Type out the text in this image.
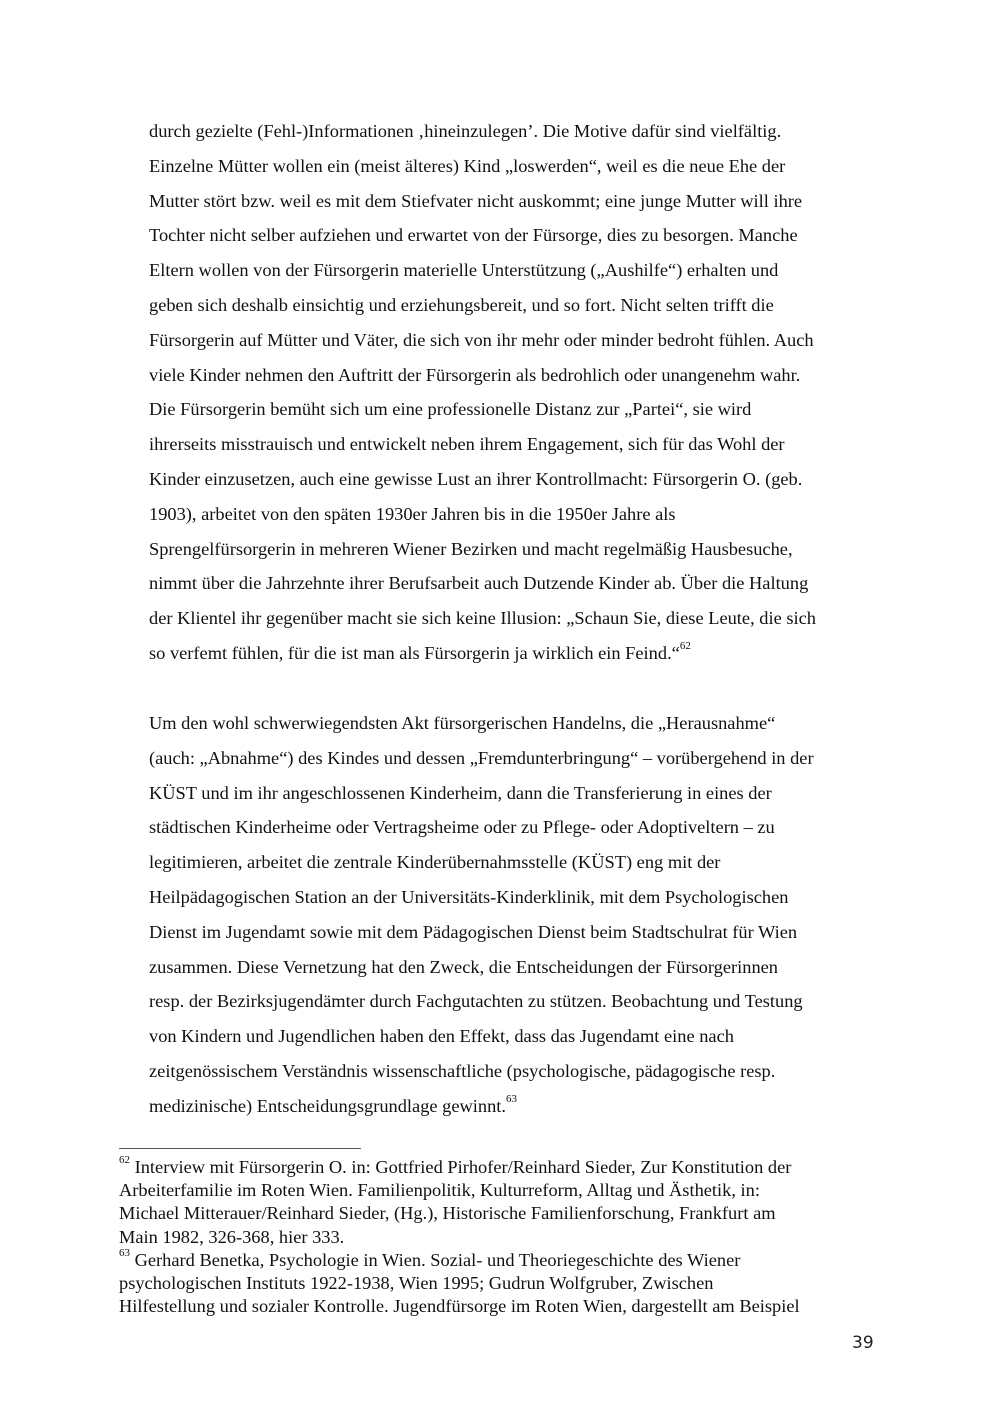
durch gezielte (Fehl-)Informationen ‚hineinzulegen’. Die Motive dafür sind vielfältig.
Einzelne Mütter wollen ein (meist älteres) Kind „loswerden“, weil es die neue Ehe der
Mutter stört bzw. weil es mit dem Stiefvater nicht auskommt; eine junge Mutter will ihre
Tochter nicht selber aufziehen und erwartet von der Fürsorge, dies zu besorgen. Manche
Eltern wollen von der Fürsorgerin materielle Unterstützung („Aushilfe“) erhalten und
geben sich deshalb einsichtig und erziehungsbereit, und so fort. Nicht selten trifft die
Fürsorgerin auf Mütter und Väter, die sich von ihr mehr oder minder bedroht fühlen. Auch
viele Kinder nehmen den Auftritt der Fürsorgerin als bedrohlich oder unangenehm wahr.
Die Fürsorgerin bemüht sich um eine professionelle Distanz zur „Partei“, sie wird
ihrerseits misstrauisch und entwickelt neben ihrem Engagement, sich für das Wohl der
Kinder einzusetzen, auch eine gewisse Lust an ihrer Kontrollmacht: Fürsorgerin O. (geb.
1903), arbeitet von den späten 1930er Jahren bis in die 1950er Jahre als
Sprengelfürsorgerin in mehreren Wiener Bezirken und macht regelmäßig Hausbesuche,
nimmt über die Jahrzehnte ihrer Berufsarbeit auch Dutzende Kinder ab. Über die Haltung
der Klientel ihr gegenüber macht sie sich keine Illusion: „Schaun Sie, diese Leute, die sich
so verfemt fühlen, für die ist man als Fürsorgerin ja wirklich ein Feind.“$^{62}$

Um den wohl schwerwiegendsten Akt fürsorgerischen Handelns, die „Herausnahme“
(auch: „Abnahme“) des Kindes und dessen „Fremdunterbringung“ – vorübergehend in der
KÜST und im ihr angeschlossenen Kinderheim, dann die Transferierung in eines der
städtischen Kinderheime oder Vertragsheime oder zu Pflege- oder Adoptiveltern – zu
legitimieren, arbeitet die zentrale Kinderübernahmsstelle (KÜST) eng mit der
Heilpädagogischen Station an der Universitäts-Kinderklinik, mit dem Psychologischen
Dienst im Jugendamt sowie mit dem Pädagogischen Dienst beim Stadtschulrat für Wien
zusammen. Diese Vernetzung hat den Zweck, die Entscheidungen der Fürsorgerinnen
resp. der Bezirksjugendämter durch Fachgutachten zu stützen. Beobachtung und Testung
von Kindern und Jugendlichen haben den Effekt, dass das Jugendamt eine nach
zeitgenössischem Verständnis wissenschaftliche (psychologische, pädagogische resp.
medizinische) Entscheidungsgrundlage gewinnt.$^{63}$

$^{62}$ Interview mit Fürsorgerin O. in: Gottfried Pirhofer/Reinhard Sieder, Zur Konstitution der
Arbeiterfamilie im Roten Wien. Familienpolitik, Kulturreform, Alltag und Ästhetik, in:
Michael Mitterauer/Reinhard Sieder, (Hg.), Historische Familienforschung, Frankfurt am
Main 1982, 326-368, hier 333.
$^{63}$ Gerhard Benetka, Psychologie in Wien. Sozial- und Theoriegeschichte des Wiener
psychologischen Instituts 1922-1938, Wien 1995; Gudrun Wolfgruber, Zwischen
Hilfestellung und sozialer Kontrolle. Jugendfürsorge im Roten Wien, dargestellt am Beispiel
39
